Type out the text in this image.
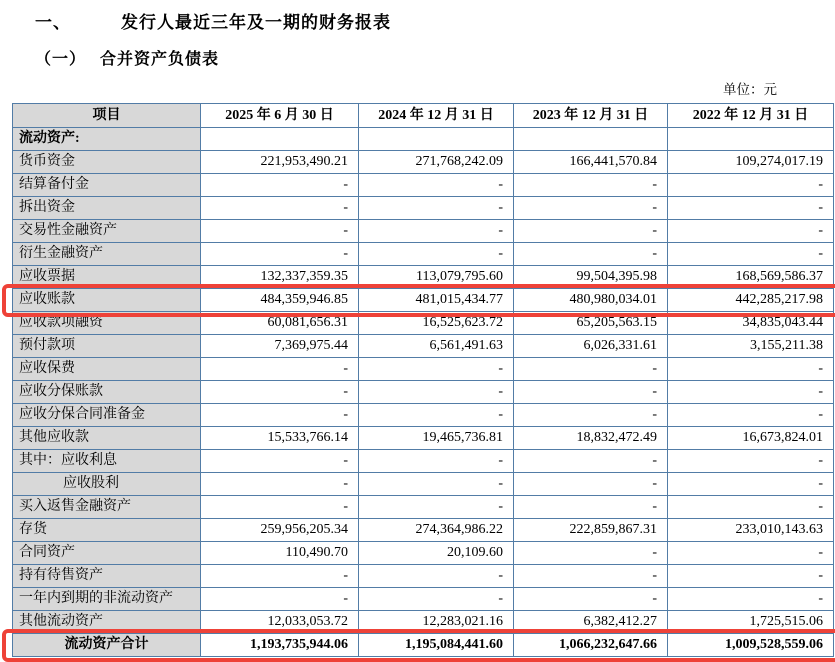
一、	发行人最近三年及一期的财务报表
（一） 合并资产负债表
单位：元
项目	2025 年 6 月 30 日	2024 年 12 月 31 日	2023 年 12 月 31 日	2022 年 12 月 31 日
流动资产:				
货币资金	221,953,490.21	271,768,242.09	166,441,570.84	109,274,017.19
结算备付金	-	-	-	-
拆出资金	-	-	-	-
交易性金融资产	-	-	-	-
衍生金融资产	-	-	-	-
应收票据	132,337,359.35	113,079,795.60	99,504,395.98	168,569,586.37
应收账款	484,359,946.85	481,015,434.77	480,980,034.01	442,285,217.98
应收款项融资	60,081,656.31	16,525,623.72	65,205,563.15	34,835,043.44
预付款项	7,369,975.44	6,561,491.63	6,026,331.61	3,155,211.38
应收保费	-	-	-	-
应收分保账款	-	-	-	-
应收分保合同准备金	-	-	-	-
其他应收款	15,533,766.14	19,465,736.81	18,832,472.49	16,673,824.01
其中：应收利息	-	-	-	-
应收股利	-	-	-	-
买入返售金融资产	-	-	-	-
存货	259,956,205.34	274,364,986.22	222,859,867.31	233,010,143.63
合同资产	110,490.70	20,109.60	-	-
持有待售资产	-	-	-	-
一年内到期的非流动资产	-	-	-	-
其他流动资产	12,033,053.72	12,283,021.16	6,382,412.27	1,725,515.06
流动资产合计	1,193,735,944.06	1,195,084,441.60	1,066,232,647.66	1,009,528,559.06
